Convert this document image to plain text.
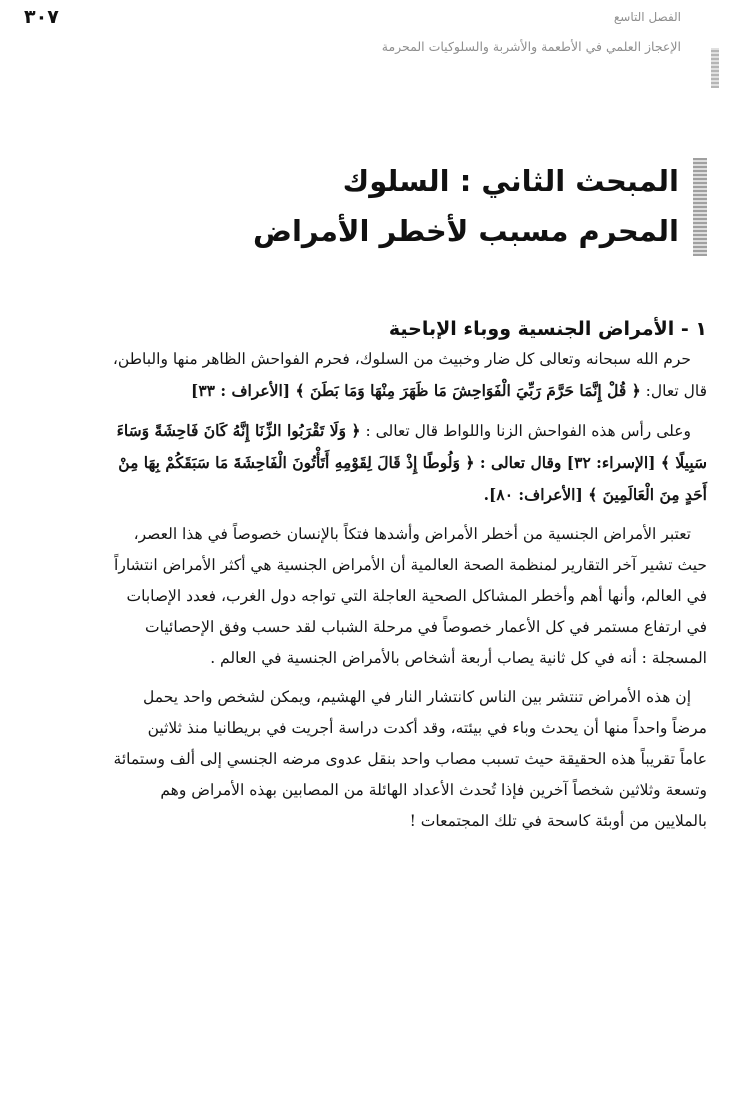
٣٠٧	الفصل التاسع
الإعجاز العلمي في الأطعمة والأشربة والسلوكيات المحرمة
المبحث الثاني : السلوك
المحرم مسبب لأخطر الأمراض
١ - الأمراض الجنسية ووباء الإباحية
حرم الله سبحانه وتعالى كل ضار وخبيث من السلوك، فحرم الفواحش الظاهر منها والباطن،
قال تعال: ﴿ قُلْ إِنَّمَا حَرَّمَ رَبِّيَ الْفَوَاحِشَ مَا ظَهَرَ مِنْهَا وَمَا بَطَنَ ﴾ [الأعراف : ٣٣]
وعلى رأس هذه الفواحش الزنا واللواط قال تعالى : ﴿ وَلَا تَقْرَبُوا الزِّنَا إِنَّهُ كَانَ فَاحِشَةً وَسَاءَ
سَبِيلًا ﴾ [الإسراء: ٣٢] وقال تعالى : ﴿ وَلُوطًا إِذْ قَالَ لِقَوْمِهِ أَتَأْتُونَ الْفَاحِشَةَ مَا سَبَقَكُمْ بِهَا مِنْ
أَحَدٍ مِنَ الْعَالَمِينَ ﴾ [الأعراف: ٨٠].
تعتبر الأمراض الجنسية من أخطر الأمراض وأشدها فتكاً بالإنسان خصوصاً في هذا العصر،
حيث تشير آخر التقارير لمنظمة الصحة العالمية أن الأمراض الجنسية هي أكثر الأمراض انتشاراً
في العالم، وأنها أهم وأخطر المشاكل الصحية العاجلة التي تواجه دول الغرب، فعدد الإصابات
في ارتفاع مستمر في كل الأعمار خصوصاً في مرحلة الشباب لقد حسب وفق الإحصائيات
المسجلة : أنه في كل ثانية يصاب أربعة أشخاص بالأمراض الجنسية في العالم .
إن هذه الأمراض تنتشر بين الناس كانتشار النار في الهشيم، ويمكن لشخص واحد يحمل
مرضاً واحداً منها أن يحدث وباء في بيئته، وقد أكدت دراسة أجريت في بريطانيا منذ ثلاثين
عاماً تقريباً هذه الحقيقة حيث تسبب مصاب واحد بنقل عدوى مرضه الجنسي إلى ألف وستمائة
وتسعة وثلاثين شخصاً آخرين فإذا تُحدث الأعداد الهائلة من المصابين بهذه الأمراض وهم
بالملايين من أوبئة كاسحة في تلك المجتمعات !
